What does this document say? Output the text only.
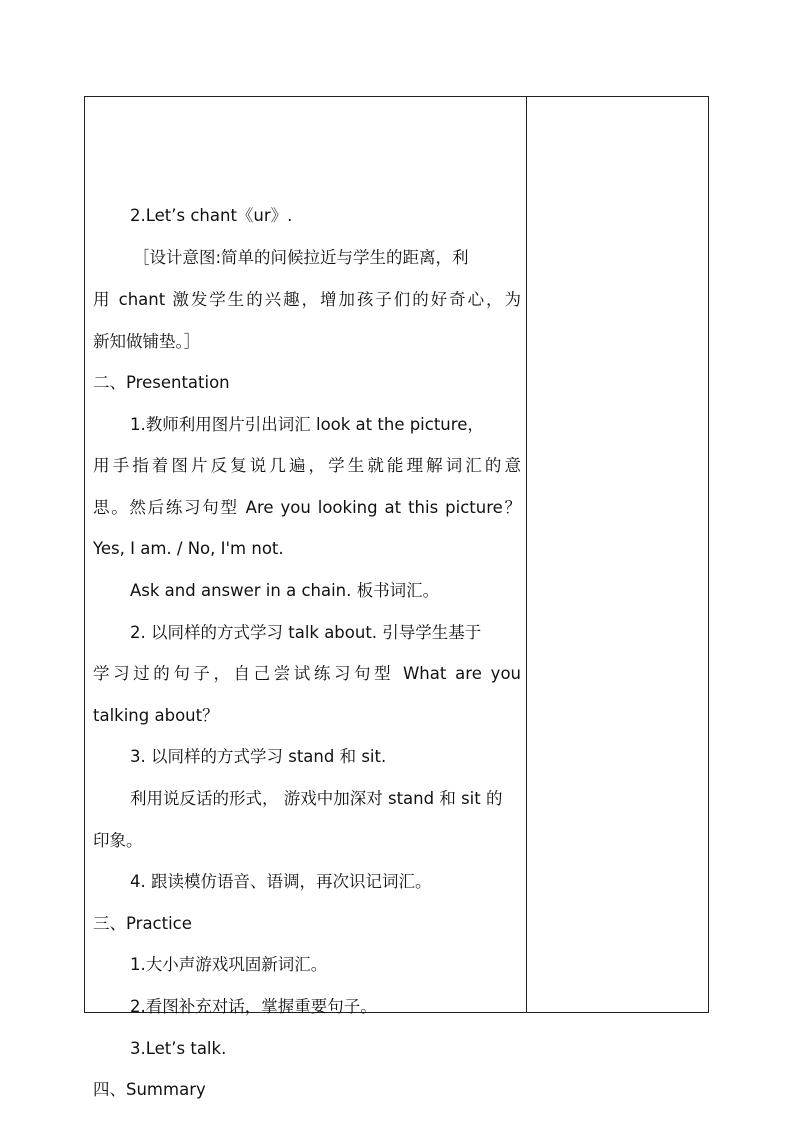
2.Let’s chant《ur》.
［设计意图:简单的问候拉近与学生的距离，利
用 chant 激发学生的兴趣，增加孩子们的好奇心，为
新知做铺垫。］
二、Presentation
1.教师利用图片引出词汇 look at the picture，
用手指着图片反复说几遍，学生就能理解词汇的意
思。然后练习句型 Are you looking at this picture？
Yes, I am. / No, I'm not.
Ask and answer in a chain. 板书词汇。
2. 以同样的方式学习 talk about. 引导学生基于
学习过的句子，自己尝试练习句型 What are you
talking about？
3. 以同样的方式学习 stand 和 sit.
利用说反话的形式， 游戏中加深对 stand 和 sit 的
印象。
4. 跟读模仿语音、语调，再次识记词汇。
三、Practice
1.大小声游戏巩固新词汇。
2.看图补充对话，掌握重要句子。
3.Let’s talk.
四、Summary
